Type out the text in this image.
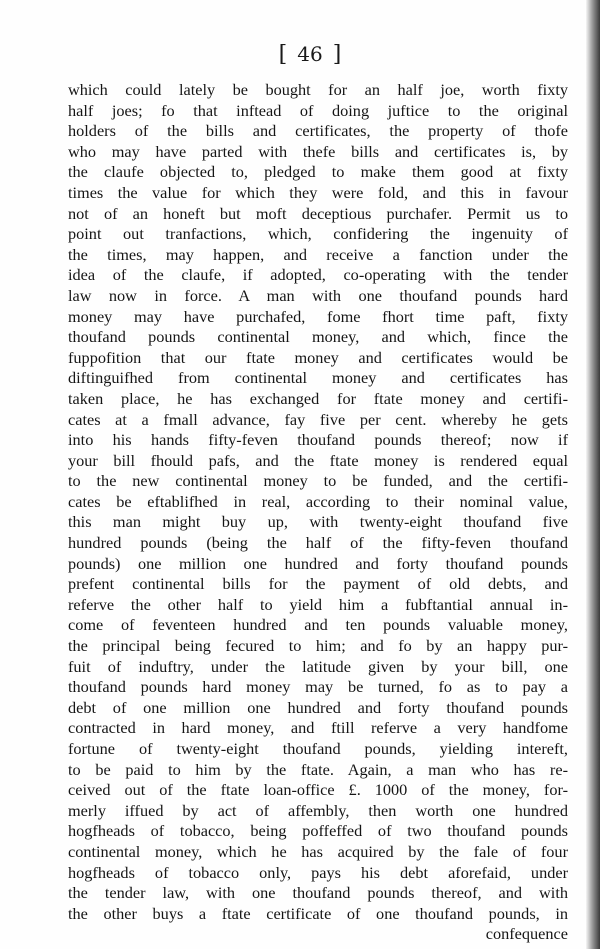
[ 46 ]
which could lately be bought for an half joe, worth fixty
half joes; fo that inftead of doing juftice to the original
holders of the bills and certificates, the property of thofe
who may have parted with thefe bills and certificates is, by
the claufe objected to, pledged to make them good at fixty
times the value for which they were fold, and this in favour
not of an honeft but moft deceptious purchafer. Permit us to
point out tranfactions, which, confidering the ingenuity of
the times, may happen, and receive a fanction under the
idea of the claufe, if adopted, co-operating with the tender
law now in force. A man with one thoufand pounds hard
money may have purchafed, fome fhort time paft, fixty
thoufand pounds continental money, and which, fince the
fuppofition that our ftate money and certificates would be
diftinguifhed from continental money and certificates has
taken place, he has exchanged for ftate money and certifi-
cates at a fmall advance, fay five per cent. whereby he gets
into his hands fifty-feven thoufand pounds thereof; now if
your bill fhould pafs, and the ftate money is rendered equal
to the new continental money to be funded, and the certifi-
cates be eftablifhed in real, according to their nominal value,
this man might buy up, with twenty-eight thoufand five
hundred pounds (being the half of the fifty-feven thoufand
pounds) one million one hundred and forty thoufand pounds
prefent continental bills for the payment of old debts, and
referve the other half to yield him a fubftantial annual in-
come of feventeen hundred and ten pounds valuable money,
the principal being fecured to him; and fo by an happy pur-
fuit of induftry, under the latitude given by your bill, one
thoufand pounds hard money may be turned, fo as to pay a
debt of one million one hundred and forty thoufand pounds
contracted in hard money, and ftill referve a very handfome
fortune of twenty-eight thoufand pounds, yielding intereft,
to be paid to him by the ftate. Again, a man who has re-
ceived out of the ftate loan-office £. 1000 of the money, for-
merly iffued by act of affembly, then worth one hundred
hogfheads of tobacco, being poffeffed of two thoufand pounds
continental money, which he has acquired by the fale of four
hogfheads of tobacco only, pays his debt aforefaid, under
the tender law, with one thoufand pounds thereof, and with
the other buys a ftate certificate of one thoufand pounds, in
confequence
